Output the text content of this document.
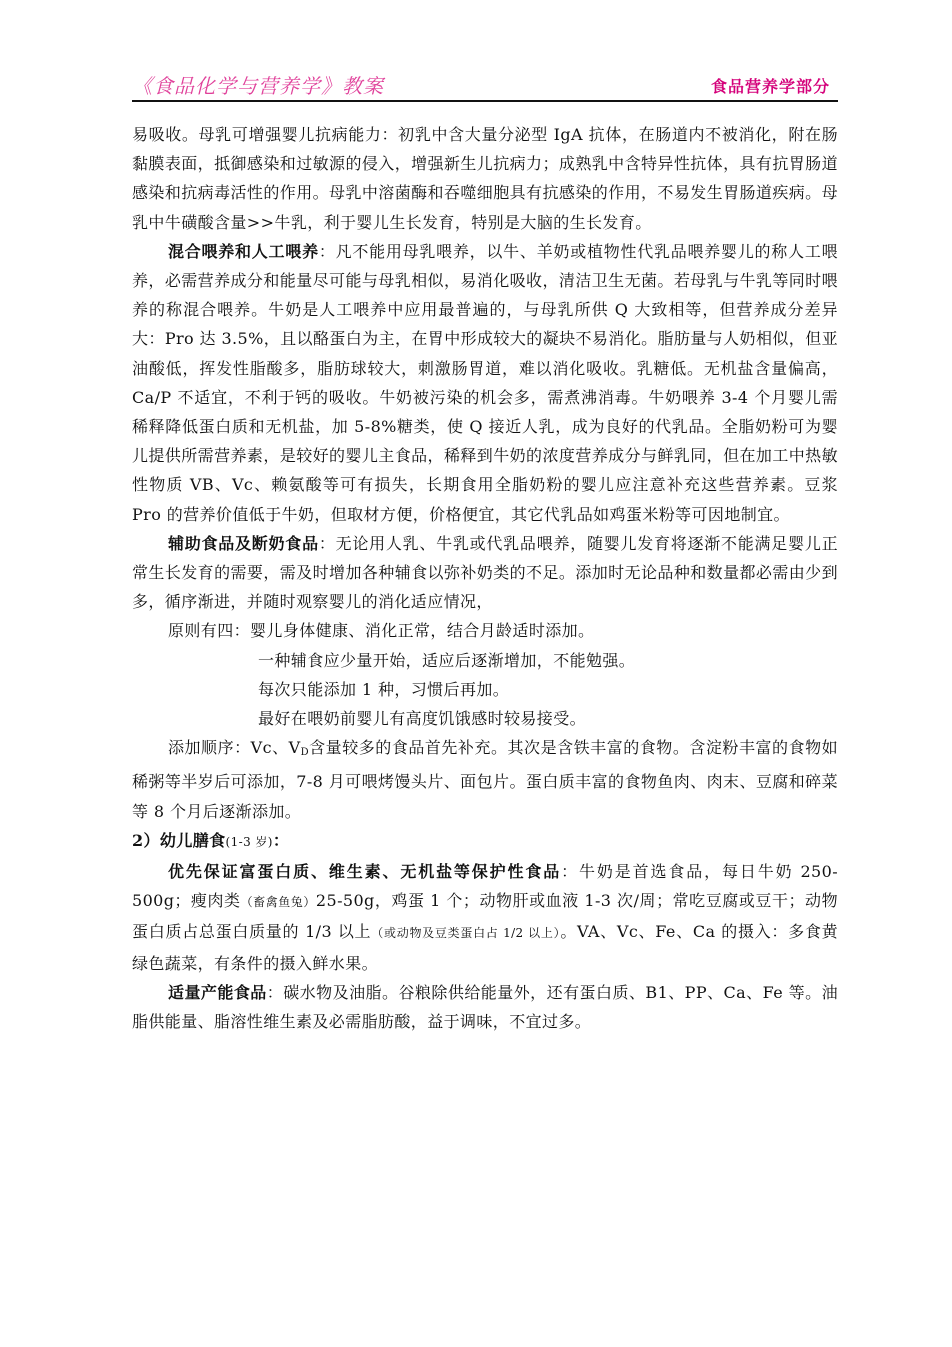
《食品化学与营养学》教案	食品营养学部分

易吸收。母乳可增强婴儿抗病能力：初乳中含大量分泌型 IgA 抗体，在肠道内不被消化，附在肠黏膜表面，抵御感染和过敏源的侵入，增强新生儿抗病力；成熟乳中含特异性抗体，具有抗胃肠道感染和抗病毒活性的作用。母乳中溶菌酶和吞噬细胞具有抗感染的作用，不易发生胃肠道疾病。母乳中牛磺酸含量>>牛乳，利于婴儿生长发育，特别是大脑的生长发育。

混合喂养和人工喂养：凡不能用母乳喂养，以牛、羊奶或植物性代乳品喂养婴儿的称人工喂养，必需营养成分和能量尽可能与母乳相似，易消化吸收，清洁卫生无菌。若母乳与牛乳等同时喂养的称混合喂养。牛奶是人工喂养中应用最普遍的，与母乳所供 Q 大致相等，但营养成分差异大：Pro 达 3.5%，且以酪蛋白为主，在胃中形成较大的凝块不易消化。脂肪量与人奶相似，但亚油酸低，挥发性脂酸多，脂肪球较大，刺激肠胃道，难以消化吸收。乳糖低。无机盐含量偏高，Ca/P 不适宜，不利于钙的吸收。牛奶被污染的机会多，需煮沸消毒。牛奶喂养 3-4 个月婴儿需稀释降低蛋白质和无机盐，加 5-8%糖类，使 Q 接近人乳，成为良好的代乳品。全脂奶粉可为婴儿提供所需营养素，是较好的婴儿主食品，稀释到牛奶的浓度营养成分与鲜乳同，但在加工中热敏性物质 VB、Vc、赖氨酸等可有损失，长期食用全脂奶粉的婴儿应注意补充这些营养素。豆浆 Pro 的营养价值低于牛奶，但取材方便，价格便宜，其它代乳品如鸡蛋米粉等可因地制宜。

辅助食品及断奶食品：无论用人乳、牛乳或代乳品喂养，随婴儿发育将逐渐不能满足婴儿正常生长发育的需要，需及时增加各种辅食以弥补奶类的不足。添加时无论品种和数量都必需由少到多，循序渐进，并随时观察婴儿的消化适应情况，

原则有四：婴儿身体健康、消化正常，结合月龄适时添加。

一种辅食应少量开始，适应后逐渐增加，不能勉强。

每次只能添加 1 种，习惯后再加。

最好在喂奶前婴儿有高度饥饿感时较易接受。

添加顺序：Vc、$V_D$含量较多的食品首先补充。其次是含铁丰富的食物。含淀粉丰富的食物如稀粥等半岁后可添加，7-8 月可喂烤馒头片、面包片。蛋白质丰富的食物鱼肉、肉末、豆腐和碎菜等 8 个月后逐渐添加。

2）幼儿膳食(1-3 岁)：

优先保证富蛋白质、维生素、无机盐等保护性食品：牛奶是首选食品，每日牛奶 250-500g；瘦肉类（畜禽鱼兔）25-50g，鸡蛋 1 个；动物肝或血液 1-3 次/周；常吃豆腐或豆干；动物蛋白质占总蛋白质量的 1/3 以上（或动物及豆类蛋白占 1/2 以上）。VA、Vc、Fe、Ca 的摄入：多食黄绿色蔬菜，有条件的摄入鲜水果。

适量产能食品：碳水物及油脂。谷粮除供给能量外，还有蛋白质、B1、PP、Ca、Fe 等。油脂供能量、脂溶性维生素及必需脂肪酸，益于调味，不宜过多。
